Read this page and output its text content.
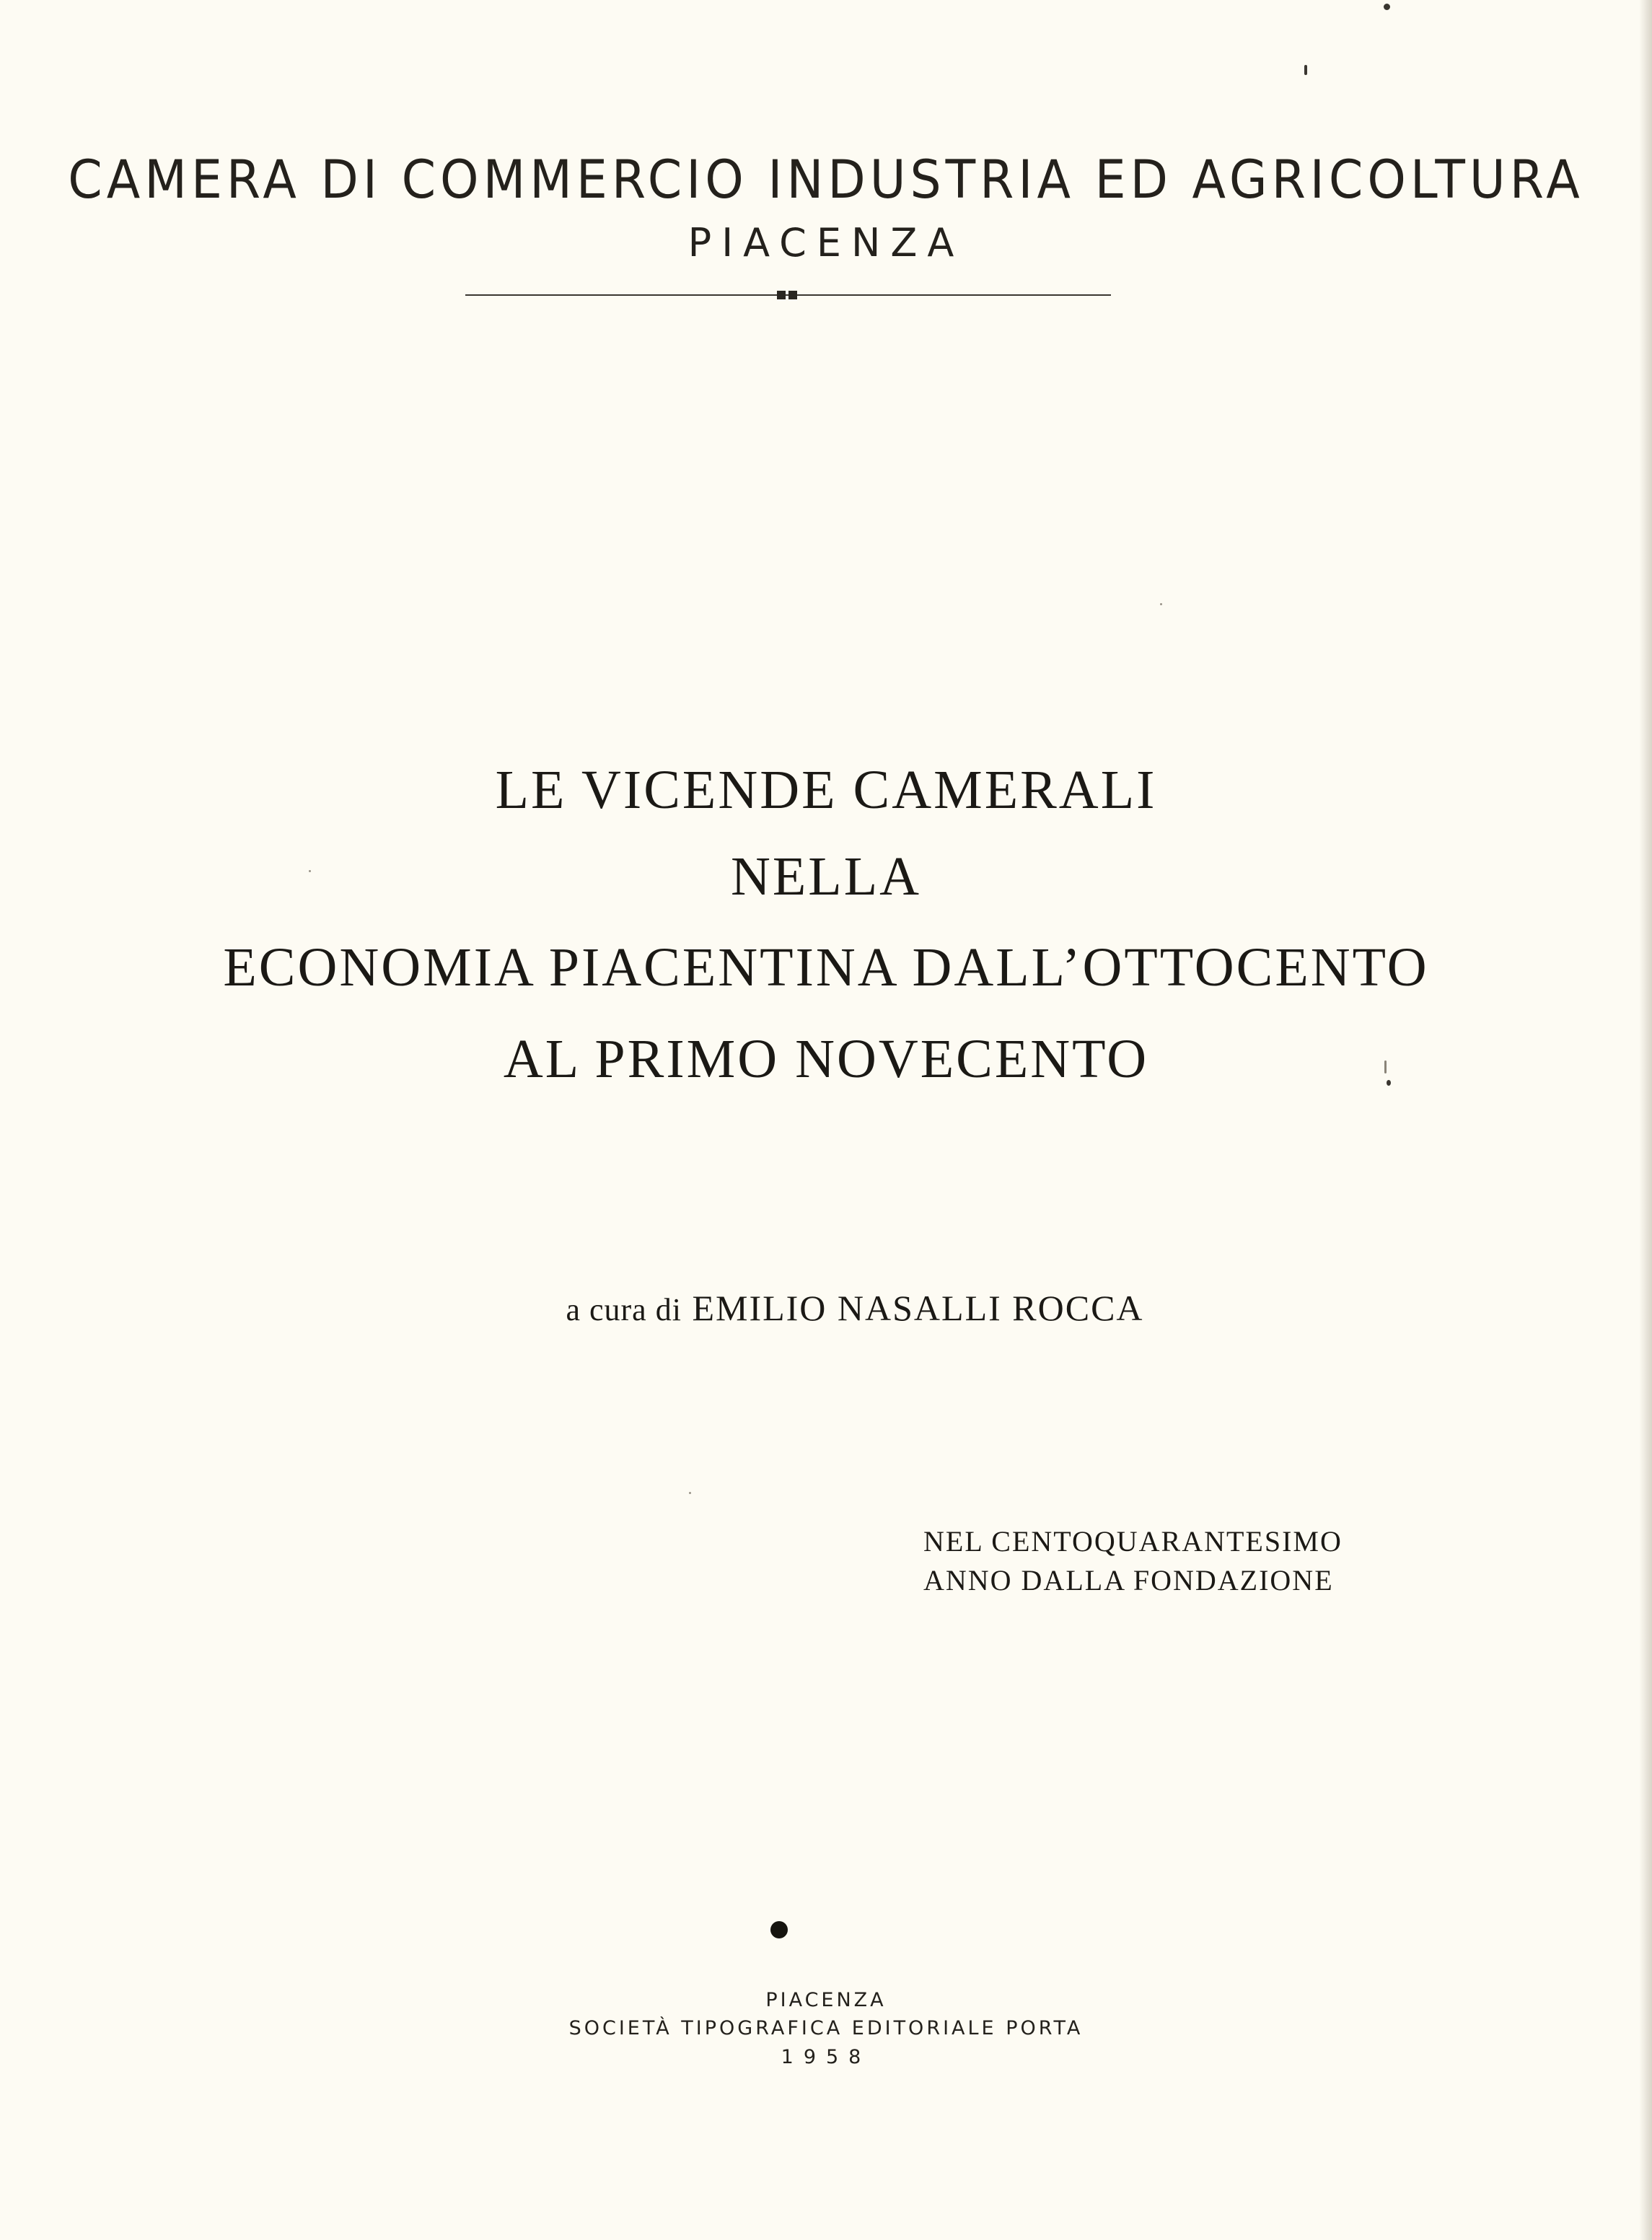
CAMERA DI COMMERCIO INDUSTRIA ED AGRICOLTURA
PIACENZA
LE VICENDE CAMERALI
NELLA
ECONOMIA PIACENTINA DALL’OTTOCENTO
AL PRIMO NOVECENTO
a cura di EMILIO NASALLI ROCCA
NEL CENTOQUARANTESIMO
ANNO DALLA FONDAZIONE
PIACENZA
SOCIETÀ TIPOGRAFICA EDITORIALE PORTA
1958
